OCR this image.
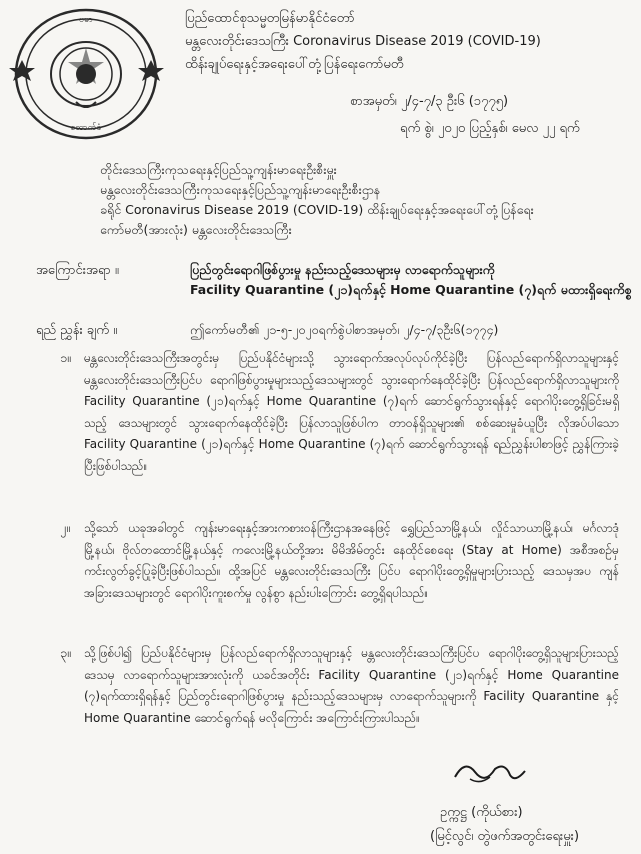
ဗမာ
ထောက်ခံ
ပြည်ထောင်စုသမ္မတမြန်မာနိုင်ငံတော်
မန္တလေးတိုင်းဒေသကြီး Coronavirus Disease 2019 (COVID-19)
ထိန်းချုပ်ရေးနှင့်အရေးပေါ်တုံ့ပြန်ရေးကော်မတီ
စာအမှတ်၊ ၂/၄-၇/၃ ဦး၆ (၁၇၇၅)
ရက် စွဲ၊ ၂၀၂၀ ပြည့်နှစ်၊ မေလ ၂၂ ရက်
တိုင်းဒေသကြီးကုသရေးနှင့်ပြည်သူ့ကျန်းမာရေးဦးစီးမှူး
မန္တလေးတိုင်းဒေသကြီးကုသရေးနှင့်ပြည်သူ့ကျန်းမာရေးဦးစီးဌာန
ခရိုင် Coronavirus Disease 2019 (COVID-19) ထိန်းချုပ်ရေးနှင့်အရေးပေါ်တုံ့ပြန်ရေး
ကော်မတီ(အားလုံး) မန္တလေးတိုင်းဒေသကြီး
အကြောင်းအရာ ။	ပြည်တွင်းရောဂါဖြစ်ပွားမှု နည်းသည့်ဒေသများမှ လာရောက်သူများကို
Facility Quarantine (၂၁)ရက်နှင့် Home Quarantine (၇)ရက် မထားရှိရေးကိစ္စ
ရည် ညွှန်း ချက် ။	ဤကော်မတီ၏ ၂၁-၅-၂၀၂၀ရက်စွဲပါစာအမှတ်၊ ၂/၄-၇/၃ဦး၆(၁၇၇၄)
၁။ မန္တလေးတိုင်းဒေသကြီးအတွင်းမှ ပြည်ပနိုင်ငံများသို့ သွားရောက်အလုပ်လုပ်ကိုင်ခဲ့ပြီး ပြန်လည်ရောက်ရှိလာသူများနှင့် မန္တလေးတိုင်းဒေသကြီးပြင်ပ ရောဂါဖြစ်ပွားမှုများသည့်ဒေသများတွင် သွားရောက်နေထိုင်ခဲ့ပြီး ပြန်လည်ရောက်ရှိလာသူများကို Facility Quarantine (၂၁)ရက်နှင့် Home Quarantine (၇)ရက် ဆောင်ရွက်သွားရန်နှင့် ရောဂါပိုးတွေ့ရှိခြင်းမရှိသည့် ဒေသများတွင် သွားရောက်နေထိုင်ခဲ့ပြီး ပြန်လာသူဖြစ်ပါက တာဝန်ရှိသူများ၏ စစ်ဆေးမှုခံယူပြီး လိုအပ်ပါသော Facility Quarantine (၂၁)ရက်နှင့် Home Quarantine (၇)ရက် ဆောင်ရွက်သွားရန် ရည်ညွှန်းပါစာဖြင့် ညွှန်ကြားခဲ့ပြီးဖြစ်ပါသည်။
၂။ သို့သော် ယခုအခါတွင် ကျန်းမာရေးနှင့်အားကစားဝန်ကြီးဌာနအနေဖြင့် ရွှေပြည်သာမြို့နယ်၊ လှိုင်သာယာမြို့နယ်၊ မင်္ဂလာဒုံမြို့နယ်၊ ဗိုလ်တထောင်မြို့နယ်နှင့် ကလေးမြို့နယ်တို့အား မိမိအိမ်တွင်း နေထိုင်စေရေး (Stay at Home) အစီအစဉ်မှကင်းလွတ်ခွင့်ပြုခဲ့ပြီးဖြစ်ပါသည်။ ထို့အပြင် မန္တလေးတိုင်းဒေသကြီး ပြင်ပ ရောဂါပိုးတွေ့ရှိမှုများပြားသည့် ဒေသမှအပ ကျန်အခြားဒေသများတွင် ရောဂါပိုးကူးစက်မှု လွန်စွာ နည်းပါးကြောင်း တွေ့ရှိရပါသည်။
၃။ သို့ဖြစ်ပါ၍ ပြည်ပနိုင်ငံများမှ ပြန်လည်ရောက်ရှိလာသူများနှင့် မန္တလေးတိုင်းဒေသကြီးပြင်ပ ရောဂါပိုးတွေ့ရှိသူများပြားသည့်ဒေသမှ လာရောက်သူများအားလုံးကို ယခင်အတိုင်း Facility Quarantine (၂၁)ရက်နှင့် Home Quarantine (၇)ရက်ထားရှိရန်နှင့် ပြည်တွင်းရောဂါဖြစ်ပွားမှု နည်းသည့်ဒေသများမှ လာရောက်သူများကို Facility Quarantine နှင့် Home Quarantine ဆောင်ရွက်ရန် မလိုကြောင်း အကြောင်းကြားပါသည်။
ဥက္ကဋ္ဌ (ကိုယ်စား)
(မြင့်လွင်၊ တွဲဖက်အတွင်းရေးမှူး)
